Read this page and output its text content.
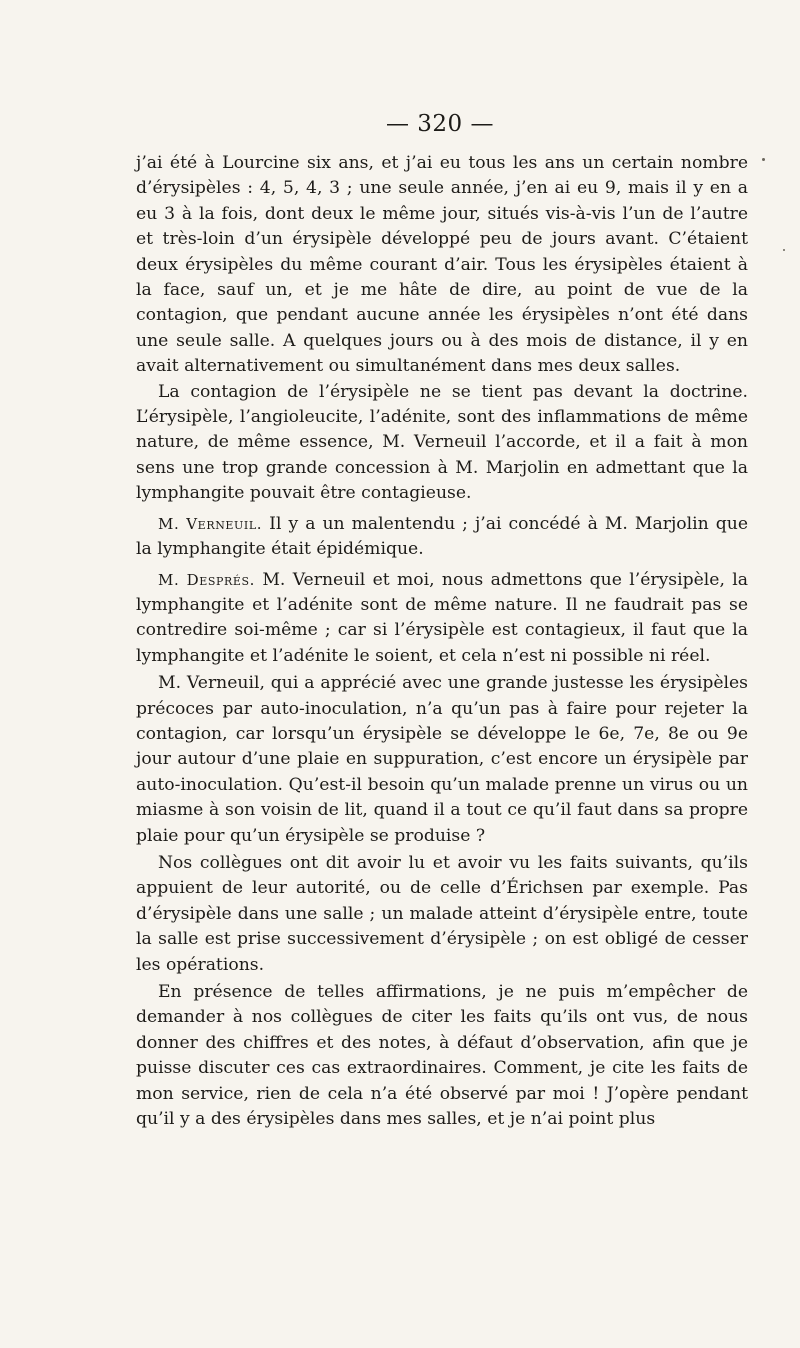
— 320 —

j’ai été à Lourcine six ans, et j’ai eu tous les ans un certain nombre d’érysipèles : 4, 5, 4, 3 ; une seule année, j’en ai eu 9, mais il y en a eu 3 à la fois, dont deux le même jour, situés vis-à-vis l’un de l’autre et très-loin d’un érysipèle développé peu de jours avant. C’étaient deux érysipèles du même courant d’air. Tous les érysipèles étaient à la face, sauf un, et je me hâte de dire, au point de vue de la contagion, que pendant aucune année les érysipèles n’ont été dans une seule salle. A quelques jours ou à des mois de distance, il y en avait alternativement ou simultanément dans mes deux salles.

La contagion de l’érysipèle ne se tient pas devant la doctrine. L’érysipèle, l’angioleucite, l’adénite, sont des inflammations de même nature, de même essence, M. Verneuil l’accorde, et il a fait à mon sens une trop grande concession à M. Marjolin en admettant que la lymphangite pouvait être contagieuse.

M. Verneuil. Il y a un malentendu ; j’ai concédé à M. Marjolin que la lymphangite était épidémique.

M. Després. M. Verneuil et moi, nous admettons que l’érysipèle, la lymphangite et l’adénite sont de même nature. Il ne faudrait pas se contredire soi-même ; car si l’érysipèle est contagieux, il faut que la lymphangite et l’adénite le soient, et cela n’est ni possible ni réel.

M. Verneuil, qui a apprécié avec une grande justesse les érysipèles précoces par auto-inoculation, n’a qu’un pas à faire pour rejeter la contagion, car lorsqu’un érysipèle se développe le 6e, 7e, 8e ou 9e jour autour d’une plaie en suppuration, c’est encore un érysipèle par auto-inoculation. Qu’est-il besoin qu’un malade prenne un virus ou un miasme à son voisin de lit, quand il a tout ce qu’il faut dans sa propre plaie pour qu’un érysipèle se produise ?

Nos collègues ont dit avoir lu et avoir vu les faits suivants, qu’ils appuient de leur autorité, ou de celle d’Érichsen par exemple. Pas d’érysipèle dans une salle ; un malade atteint d’érysipèle entre, toute la salle est prise successivement d’érysipèle ; on est obligé de cesser les opérations.

En présence de telles affirmations, je ne puis m’empêcher de demander à nos collègues de citer les faits qu’ils ont vus, de nous donner des chiffres et des notes, à défaut d’observation, afin que je puisse discuter ces cas extraordinaires. Comment, je cite les faits de mon service, rien de cela n’a été observé par moi ! J’opère pendant qu’il y a des érysipèles dans mes salles, et je n’ai point plus
